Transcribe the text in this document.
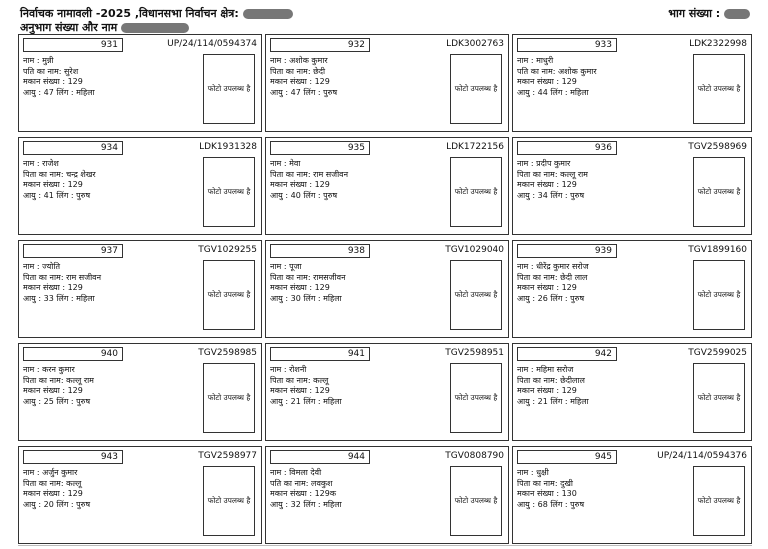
निर्वाचक नामावली -2025 ,विधानसभा निर्वाचन क्षेत्र:
अनुभाग संख्या और नाम
भाग संख्या :
931	UP/24/114/0594374
नाम : मुन्नी
पति का नाम: सुरेश
मकान संख्या : 129
आयु : 47 लिंग : महिला	फोटो उपलब्ध है
932	LDK3002763
नाम : अशोक कुमार
पिता का नाम: छेदी
मकान संख्या : 129
आयु : 47 लिंग : पुरुष	फोटो उपलब्ध है
933	LDK2322998
नाम : माधुरी
पति का नाम: अशोक कुमार
मकान संख्या : 129
आयु : 44 लिंग : महिला	फोटो उपलब्ध है
934	LDK1931328
नाम : राजेश
पिता का नाम: चन्द्र शेखर
मकान संख्या : 129
आयु : 41 लिंग : पुरुष	फोटो उपलब्ध है
935	LDK1722156
नाम : मेवा
पिता का नाम: राम सजीवन
मकान संख्या : 129
आयु : 40 लिंग : पुरुष	फोटो उपलब्ध है
936	TGV2598969
नाम : प्रदीप कुमार
पिता का नाम: कल्लू राम
मकान संख्या : 129
आयु : 34 लिंग : पुरुष	फोटो उपलब्ध है
937	TGV1029255
नाम : ज्योति
पिता का नाम: राम सजीवन
मकान संख्या : 129
आयु : 33 लिंग : महिला	फोटो उपलब्ध है
938	TGV1029040
नाम : पूजा
पिता का नाम: रामसजीवन
मकान संख्या : 129
आयु : 30 लिंग : महिला	फोटो उपलब्ध है
939	TGV1899160
नाम : धीरेंद्र कुमार सरोज
पिता का नाम: छेदी लाल
मकान संख्या : 129
आयु : 26 लिंग : पुरुष	फोटो उपलब्ध है
940	TGV2598985
नाम : करन कुमार
पिता का नाम: कल्लू राम
मकान संख्या : 129
आयु : 25 लिंग : पुरुष	फोटो उपलब्ध है
941	TGV2598951
नाम : रोशनी
पिता का नाम: कल्लू
मकान संख्या : 129
आयु : 21 लिंग : महिला	फोटो उपलब्ध है
942	TGV2599025
नाम : महिमा सरोज
पिता का नाम: छेदीलाल
मकान संख्या : 129
आयु : 21 लिंग : महिला	फोटो उपलब्ध है
943	TGV2598977
नाम : अर्जुन कुमार
पिता का नाम: कल्लू
मकान संख्या : 129
आयु : 20 लिंग : पुरुष	फोटो उपलब्ध है
944	TGV0808790
नाम : विमला देवी
पति का नाम: लवकुश
मकान संख्या : 129क
आयु : 32 लिंग : महिला	फोटो उपलब्ध है
945	UP/24/114/0594376
नाम : धुक्षी
पिता का नाम: दुखी
मकान संख्या : 130
आयु : 68 लिंग : पुरुष	फोटो उपलब्ध है
